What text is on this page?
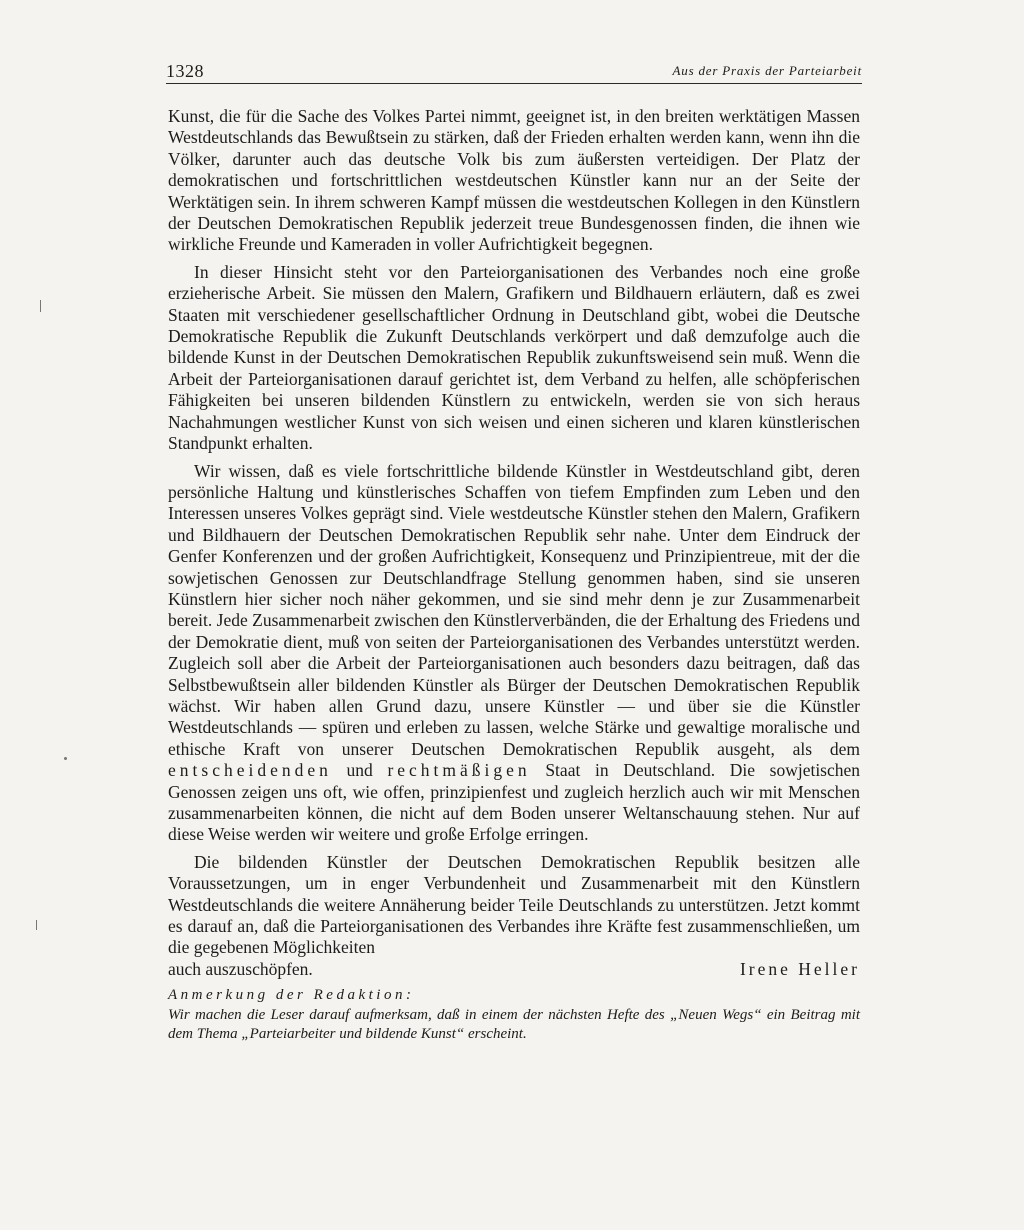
1328	Aus der Praxis der Parteiarbeit

Kunst, die für die Sache des Volkes Partei nimmt, geeignet ist, in den breiten werktätigen Massen Westdeutschlands das Bewußtsein zu stärken, daß der Frieden erhalten werden kann, wenn ihn die Völker, darunter auch das deutsche Volk bis zum äußersten verteidigen. Der Platz der demokratischen und fortschrittlichen westdeutschen Künstler kann nur an der Seite der Werktätigen sein. In ihrem schweren Kampf müssen die westdeutschen Kollegen in den Künstlern der Deutschen Demokratischen Republik jederzeit treue Bundesgenossen finden, die ihnen wie wirkliche Freunde und Kameraden in voller Aufrichtigkeit begegnen.

In dieser Hinsicht steht vor den Parteiorganisationen des Verbandes noch eine große erzieherische Arbeit. Sie müssen den Malern, Grafikern und Bildhauern erläutern, daß es zwei Staaten mit verschiedener gesellschaftlicher Ordnung in Deutschland gibt, wobei die Deutsche Demokratische Republik die Zukunft Deutschlands verkörpert und daß demzufolge auch die bildende Kunst in der Deutschen Demokratischen Republik zukunftsweisend sein muß. Wenn die Arbeit der Parteiorganisationen darauf gerichtet ist, dem Verband zu helfen, alle schöpferischen Fähigkeiten bei unseren bildenden Künstlern zu entwickeln, werden sie von sich heraus Nachahmungen westlicher Kunst von sich weisen und einen sicheren und klaren künstlerischen Standpunkt erhalten.

Wir wissen, daß es viele fortschrittliche bildende Künstler in Westdeutschland gibt, deren persönliche Haltung und künstlerisches Schaffen von tiefem Empfinden zum Leben und den Interessen unseres Volkes geprägt sind. Viele westdeutsche Künstler stehen den Malern, Grafikern und Bildhauern der Deutschen Demokratischen Republik sehr nahe. Unter dem Eindruck der Genfer Konferenzen und der großen Aufrichtigkeit, Konsequenz und Prinzipientreue, mit der die sowjetischen Genossen zur Deutschlandfrage Stellung genommen haben, sind sie unseren Künstlern hier sicher noch näher gekommen, und sie sind mehr denn je zur Zusammenarbeit bereit. Jede Zusammenarbeit zwischen den Künstlerverbänden, die der Erhaltung des Friedens und der Demokratie dient, muß von seiten der Parteiorganisationen des Verbandes unterstützt werden. Zugleich soll aber die Arbeit der Parteiorganisationen auch besonders dazu beitragen, daß das Selbstbewußtsein aller bildenden Künstler als Bürger der Deutschen Demokratischen Republik wächst. Wir haben allen Grund dazu, unsere Künstler — und über sie die Künstler Westdeutschlands — spüren und erleben zu lassen, welche Stärke und gewaltige moralische und ethische Kraft von unserer Deutschen Demokratischen Republik ausgeht, als dem entscheidenden und rechtmäßigen Staat in Deutschland. Die sowjetischen Genossen zeigen uns oft, wie offen, prinzipienfest und zugleich herzlich auch wir mit Menschen zusammenarbeiten können, die nicht auf dem Boden unserer Weltanschauung stehen. Nur auf diese Weise werden wir weitere und große Erfolge erringen.

Die bildenden Künstler der Deutschen Demokratischen Republik besitzen alle Voraussetzungen, um in enger Verbundenheit und Zusammenarbeit mit den Künstlern Westdeutschlands die weitere Annäherung beider Teile Deutschlands zu unterstützen. Jetzt kommt es darauf an, daß die Parteiorganisationen des Verbandes ihre Kräfte fest zusammenschließen, um die gegebenen Möglichkeiten

auch auszuschöpfen.	Irene Heller
Anmerkung der Redaktion:
Wir machen die Leser darauf aufmerksam, daß in einem der nächsten Hefte des „Neuen Wegs“ ein Beitrag mit dem Thema „Parteiarbeiter und bildende Kunst“ erscheint.
